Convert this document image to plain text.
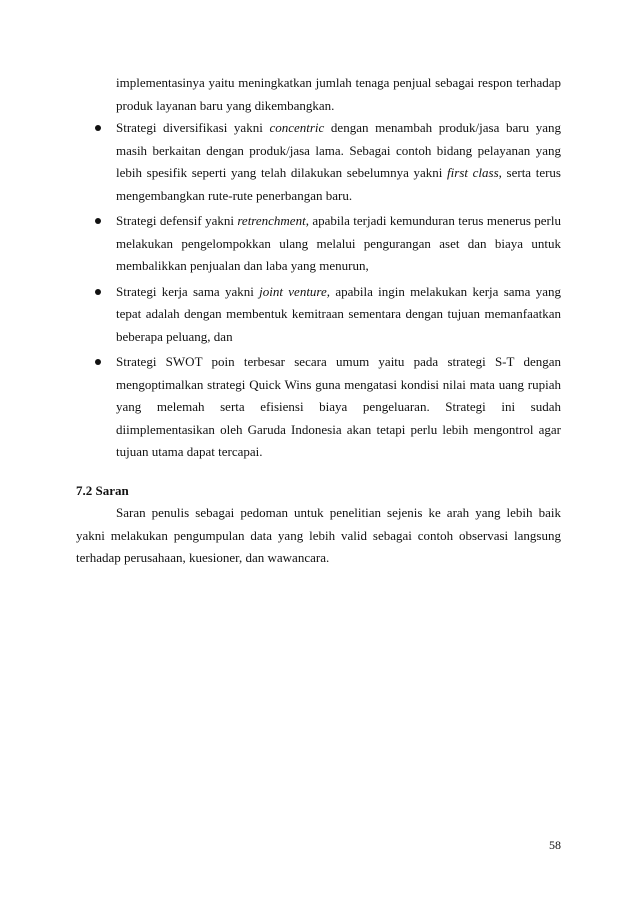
implementasinya yaitu meningkatkan jumlah tenaga penjual sebagai respon terhadap produk layanan baru yang dikembangkan.

Strategi diversifikasi yakni concentric dengan menambah produk/jasa baru yang masih berkaitan dengan produk/jasa lama. Sebagai contoh bidang pelayanan yang lebih spesifik seperti yang telah dilakukan sebelumnya yakni first class, serta terus mengembangkan rute-rute penerbangan baru.

Strategi defensif yakni retrenchment, apabila terjadi kemunduran terus menerus perlu melakukan pengelompokkan ulang melalui pengurangan aset dan biaya untuk membalikkan penjualan dan laba yang menurun,

Strategi kerja sama yakni joint venture, apabila ingin melakukan kerja sama yang tepat adalah dengan membentuk kemitraan sementara dengan tujuan memanfaatkan beberapa peluang, dan

Strategi SWOT poin terbesar secara umum yaitu pada strategi S-T dengan mengoptimalkan strategi Quick Wins guna mengatasi kondisi nilai mata uang rupiah yang melemah serta efisiensi biaya pengeluaran. Strategi ini sudah diimplementasikan oleh Garuda Indonesia akan tetapi perlu lebih mengontrol agar tujuan utama dapat tercapai.

7.2 Saran

Saran penulis sebagai pedoman untuk penelitian sejenis ke arah yang lebih baik yakni melakukan pengumpulan data yang lebih valid sebagai contoh observasi langsung terhadap perusahaan, kuesioner, dan wawancara.

58
